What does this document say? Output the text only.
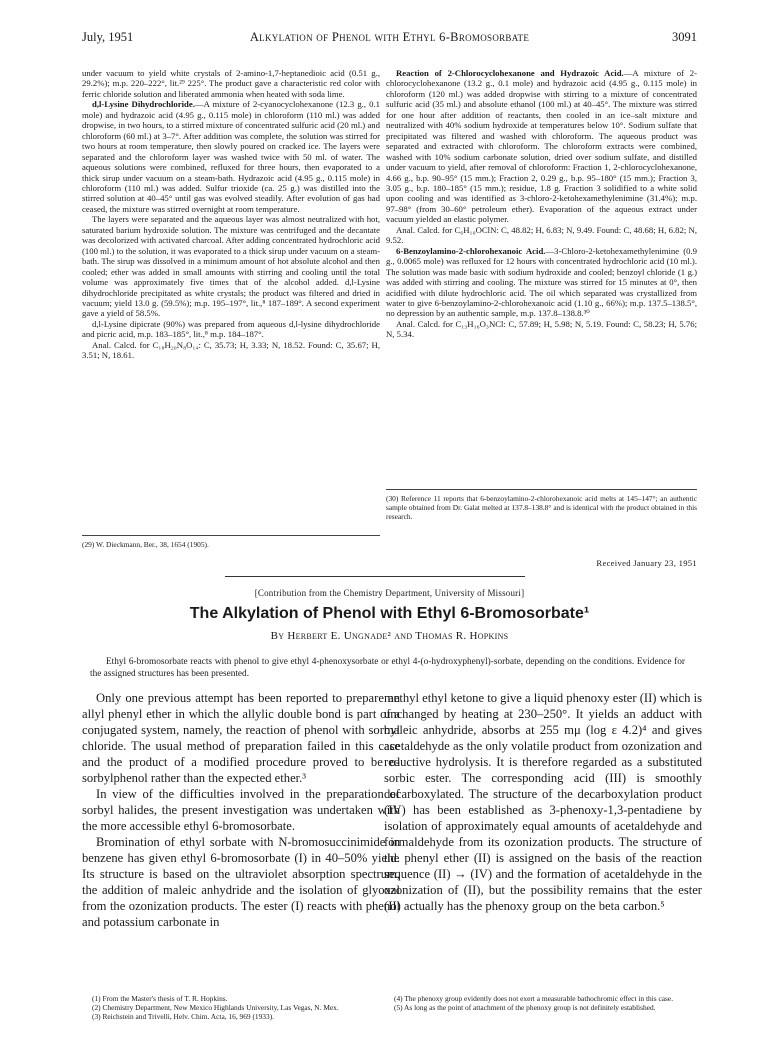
July, 1951	Alkylation of Phenol with Ethyl 6-Bromosorbate	3091

under vacuum to yield white crystals of 2-amino-1,7-heptanedioic acid (0.51 g., 29.2%); m.p. 220–222°, lit.²⁹ 225°. The product gave a characteristic red color with ferric chloride solution and liberated ammonia when heated with soda lime.

d,l-Lysine Dihydrochloride.—A mixture of 2-cyanocyclohexanone (12.3 g., 0.1 mole) and hydrazoic acid (4.95 g., 0.115 mole) in chloroform (110 ml.) was added dropwise, in two hours, to a stirred mixture of concentrated sulfuric acid (20 ml.) and chloroform (60 ml.) at 3–7°. After addition was complete, the solution was stirred for two hours at room temperature, then slowly poured on cracked ice. The layers were separated and the chloroform layer was washed twice with 50 ml. of water. The aqueous solutions were combined, refluxed for three hours, then evaporated to a thick sirup under vacuum on a steam-bath. Hydrazoic acid (4.95 g., 0.115 mole) in chloroform (110 ml.) was added. Sulfur trioxide (ca. 25 g.) was distilled into the stirred solution at 40–45° until gas was evolved steadily. After evolution of gas had ceased, the mixture was stirred overnight at room temperature.

The layers were separated and the aqueous layer was almost neutralized with hot, saturated barium hydroxide solution. The mixture was centrifuged and the decantate was decolorized with activated charcoal. After adding concentrated hydrochloric acid (100 ml.) to the solution, it was evaporated to a thick sirup under vacuum on a steam-bath. The sirup was dissolved in a minimum amount of hot absolute alcohol and then cooled; ether was added in small amounts with stirring and cooling until the total volume was approximately five times that of the alcohol added. d,l-Lysine dihydrochloride precipitated as white crystals; the product was filtered and dried in vacuum; yield 13.0 g. (59.5%); m.p. 195–197°, lit.,⁸ 187–189°. A second experiment gave a yield of 58.5%.

d,l-Lysine dipicrate (90%) was prepared from aqueous d,l-lysine dihydrochloride and picric acid, m.p. 183–185°, lit.,⁸ m.p. 184–187°.

Anal. Calcd. for C₁₈H₂₀N₈O₁₄: C, 35.73; H, 3.33; N, 18.52. Found: C, 35.67; H, 3.51; N, 18.61.

(29) W. Dieckmann, Ber., 38, 1654 (1905).

Reaction of 2-Chlorocyclohexanone and Hydrazoic Acid.—A mixture of 2-chlorocyclohexanone (13.2 g., 0.1 mole) and hydrazoic acid (4.95 g., 0.115 mole) in chloroform (120 ml.) was added dropwise with stirring to a mixture of concentrated sulfuric acid (35 ml.) and absolute ethanol (100 ml.) at 40–45°. The mixture was stirred for one hour after addition of reactants, then cooled in an ice–salt mixture and neutralized with 40% sodium hydroxide at temperatures below 10°. Sodium sulfate that precipitated was filtered and washed with chloroform. The aqueous product was separated and extracted with chloroform. The chloroform extracts were combined, washed with 10% sodium carbonate solution, dried over sodium sulfate, and distilled under vacuum to yield, after removal of chloroform: Fraction 1, 2-chlorocyclohexanone, 4.66 g., b.p. 90–95° (15 mm.); Fraction 2, 0.29 g., b.p. 95–180° (15 mm.); Fraction 3, 3.05 g., b.p. 180–185° (15 mm.); residue, 1.8 g. Fraction 3 solidified to a white solid upon cooling and was identified as 3-chloro-2-ketohexamethylenimine (31.4%); m.p. 97–98° (from 30–60° petroleum ether). Evaporation of the aqueous extract under vacuum yielded an elastic polymer.

Anal. Calcd. for C₆H₁₀OClN: C, 48.82; H, 6.83; N, 9.49. Found: C, 48.68; H, 6.82; N, 9.52.

6-Benzoylamino-2-chlorohexanoic Acid.—3-Chloro-2-ketohexamethylenimine (0.9 g., 0.0065 mole) was refluxed for 12 hours with concentrated hydrochloric acid (10 ml.). The solution was made basic with sodium hydroxide and cooled; benzoyl chloride (1 g.) was added with stirring and cooling. The mixture was stirred for 15 minutes at 0°, then acidified with dilute hydrochloric acid. The oil which separated was crystallized from water to give 6-benzoylamino-2-chlorohexanoic acid (1.10 g., 66%); m.p. 137.5–138.5°, no depression by an authentic sample, m.p. 137.8–138.8.³⁰

Anal. Calcd. for C₁₃H₁₆O₃NCl: C, 57.89; H, 5.98; N, 5.19. Found: C, 58.23; H, 5.76; N, 5.34.

(30) Reference 11 reports that 6-benzoylamino-2-chlorohexanoic acid melts at 145–147°; an authentic sample obtained from Dr. Galat melted at 137.8–138.8° and is identical with the product obtained in this research.
Received January 23, 1951
[Contribution from the Chemistry Department, University of Missouri]
The Alkylation of Phenol with Ethyl 6-Bromosorbate¹
By Herbert E. Ungnade² and Thomas R. Hopkins
Ethyl 6-bromosorbate reacts with phenol to give ethyl 4-phenoxysorbate or ethyl 4-(o-hydroxyphenyl)-sorbate, depending on the conditions. Evidence for the assigned structures has been presented.

Only one previous attempt has been reported to prepare an allyl phenyl ether in which the allylic double bond is part of a conjugated system, namely, the reaction of phenol with sorbyl chloride. The usual method of preparation failed in this case and the product of a modified procedure proved to be o-sorbylphenol rather than the expected ether.³

In view of the difficulties involved in the preparation of sorbyl halides, the present investigation was undertaken with the more accessible ethyl 6-bromosorbate.

Bromination of ethyl sorbate with N-bromosuccinimide in benzene has given ethyl 6-bromosorbate (I) in 40–50% yield. Its structure is based on the ultraviolet absorption spectrum, the addition of maleic anhydride and the isolation of glyoxal from the ozonization products. The ester (I) reacts with phenol and potassium carbonate in

(1) From the Master's thesis of T. R. Hopkins.

(2) Chemistry Department, New Mexico Highlands University, Las Vegas, N. Mex.

(3) Reichstein and Trivelli, Helv. Chim. Acta, 16, 969 (1933).

methyl ethyl ketone to give a liquid phenoxy ester (II) which is unchanged by heating at 230–250°. It yields an adduct with maleic anhydride, absorbs at 255 mμ (log ε 4.2)⁴ and gives acetaldehyde as the only volatile product from ozonization and reductive hydrolysis. It is therefore regarded as a substituted sorbic ester. The corresponding acid (III) is smoothly decarboxylated. The structure of the decarboxylation product (IV) has been established as 3-phenoxy-1,3-pentadiene by isolation of approximately equal amounts of acetaldehyde and formaldehyde from its ozonization products. The structure of the phenyl ether (II) is assigned on the basis of the reaction sequence (II) → (IV) and the formation of acetaldehyde in the ozonization of (II), but the possibility remains that the ester (II) actually has the phenoxy group on the beta carbon.⁵

(4) The phenoxy group evidently does not exert a measurable bathochromic effect in this case.

(5) As long as the point of attachment of the phenoxy group is not definitely established.
